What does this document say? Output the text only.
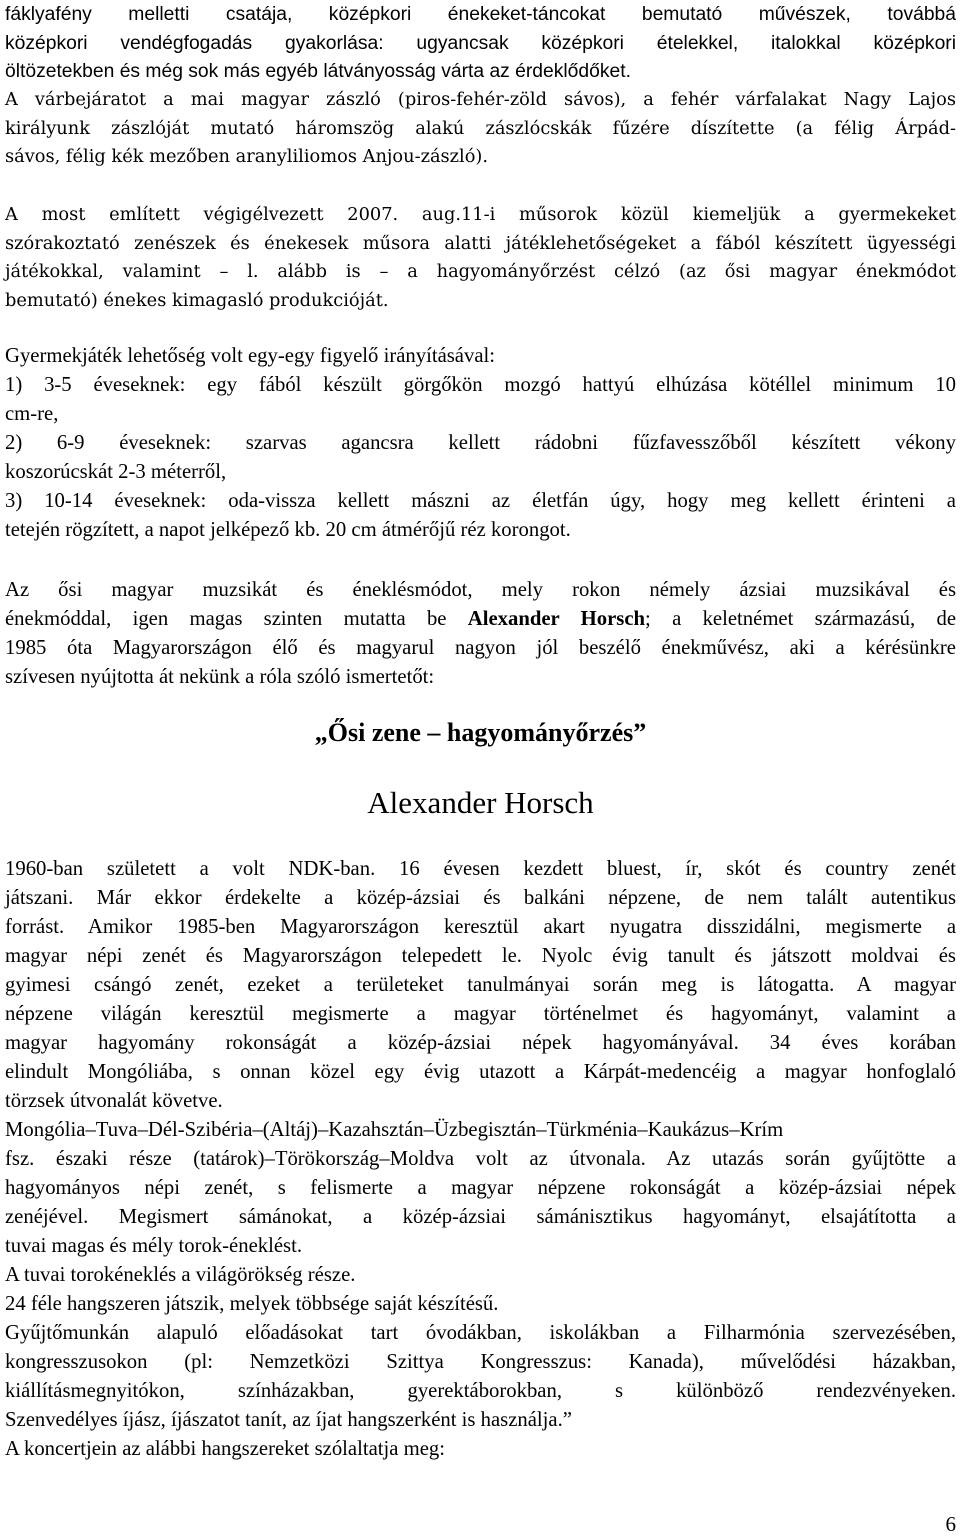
fáklyafény melletti csatája, középkori énekeket-táncokat bemutató művészek, továbbá

középkori vendégfogadás gyakorlása: ugyancsak középkori ételekkel, italokkal középkori

öltözetekben és még sok más egyéb látványosság várta az érdeklődőket.

A várbejáratot a mai magyar zászló (piros-fehér-zöld sávos), a fehér várfalakat Nagy Lajos

királyunk zászlóját mutató háromszög alakú zászlócskák fűzére díszítette (a félig Árpád-

sávos, félig kék mezőben aranyliliomos Anjou-zászló).

A most említett végigélvezett 2007. aug.11-i műsorok közül kiemeljük a gyermekeket

szórakoztató zenészek és énekesek műsora alatti játéklehetőségeket a fából készített ügyességi

játékokkal, valamint – l. alább is – a hagyományőrzést célzó (az ősi magyar énekmódot

bemutató) énekes kimagasló produkcióját.

Gyermekjáték lehetőség volt egy-egy figyelő irányításával:

1) 3-5 éveseknek: egy fából készült görgőkön mozgó hattyú elhúzása kötéllel minimum 10

cm-re,

2) 6-9 éveseknek: szarvas agancsra kellett rádobni fűzfavesszőből készített vékony

koszorúcskát 2-3 méterről,

3) 10-14 éveseknek: oda-vissza kellett mászni az életfán úgy, hogy meg kellett érinteni a

tetején rögzített, a napot jelképező kb. 20 cm átmérőjű réz korongot.

Az ősi magyar muzsikát és éneklésmódot, mely rokon némely ázsiai muzsikával és

énekmóddal, igen magas szinten mutatta be Alexander Horsch; a keletnémet származású, de

1985 óta Magyarországon élő és magyarul nagyon jól beszélő énekművész, aki a kérésünkre

szívesen nyújtotta át nekünk a róla szóló ismertetőt:

„Ősi zene – hagyományőrzés”
Alexander Horsch

1960-ban született a volt NDK-ban. 16 évesen kezdett bluest, ír, skót és country zenét

játszani. Már ekkor érdekelte a közép-ázsiai és balkáni népzene, de nem talált autentikus

forrást. Amikor 1985-ben Magyarországon keresztül akart nyugatra disszidálni, megismerte a

magyar népi zenét és Magyarországon telepedett le. Nyolc évig tanult és játszott moldvai és

gyimesi csángó zenét, ezeket a területeket tanulmányai során meg is látogatta. A magyar

népzene világán keresztül megismerte a magyar történelmet és hagyományt, valamint a

magyar hagyomány rokonságát a közép-ázsiai népek hagyományával. 34 éves korában

elindult Mongóliába, s onnan közel egy évig utazott a Kárpát-medencéig a magyar honfoglaló

törzsek útvonalát követve.

Mongólia–Tuva–Dél-Szibéria–(Altáj)–Kazahsztán–Üzbegisztán–Türkménia–Kaukázus–Krím

fsz. északi része (tatárok)–Törökország–Moldva volt az útvonala. Az utazás során gyűjtötte a

hagyományos népi zenét, s felismerte a magyar népzene rokonságát a közép-ázsiai népek

zenéjével. Megismert sámánokat, a közép-ázsiai sámánisztikus hagyományt, elsajátította a

tuvai magas és mély torok-éneklést.

A tuvai torokéneklés a világörökség része.

24 féle hangszeren játszik, melyek többsége saját készítésű.

Gyűjtőmunkán alapuló előadásokat tart óvodákban, iskolákban a Filharmónia szervezésében,

kongresszusokon (pl: Nemzetközi Szittya Kongresszus: Kanada), művelődési házakban,

kiállításmegnyitókon, színházakban, gyerektáborokban, s különböző rendezvényeken.

Szenvedélyes íjász, íjászatot tanít, az íjat hangszerként is használja.”

A koncertjein az alábbi hangszereket szólaltatja meg:

6
